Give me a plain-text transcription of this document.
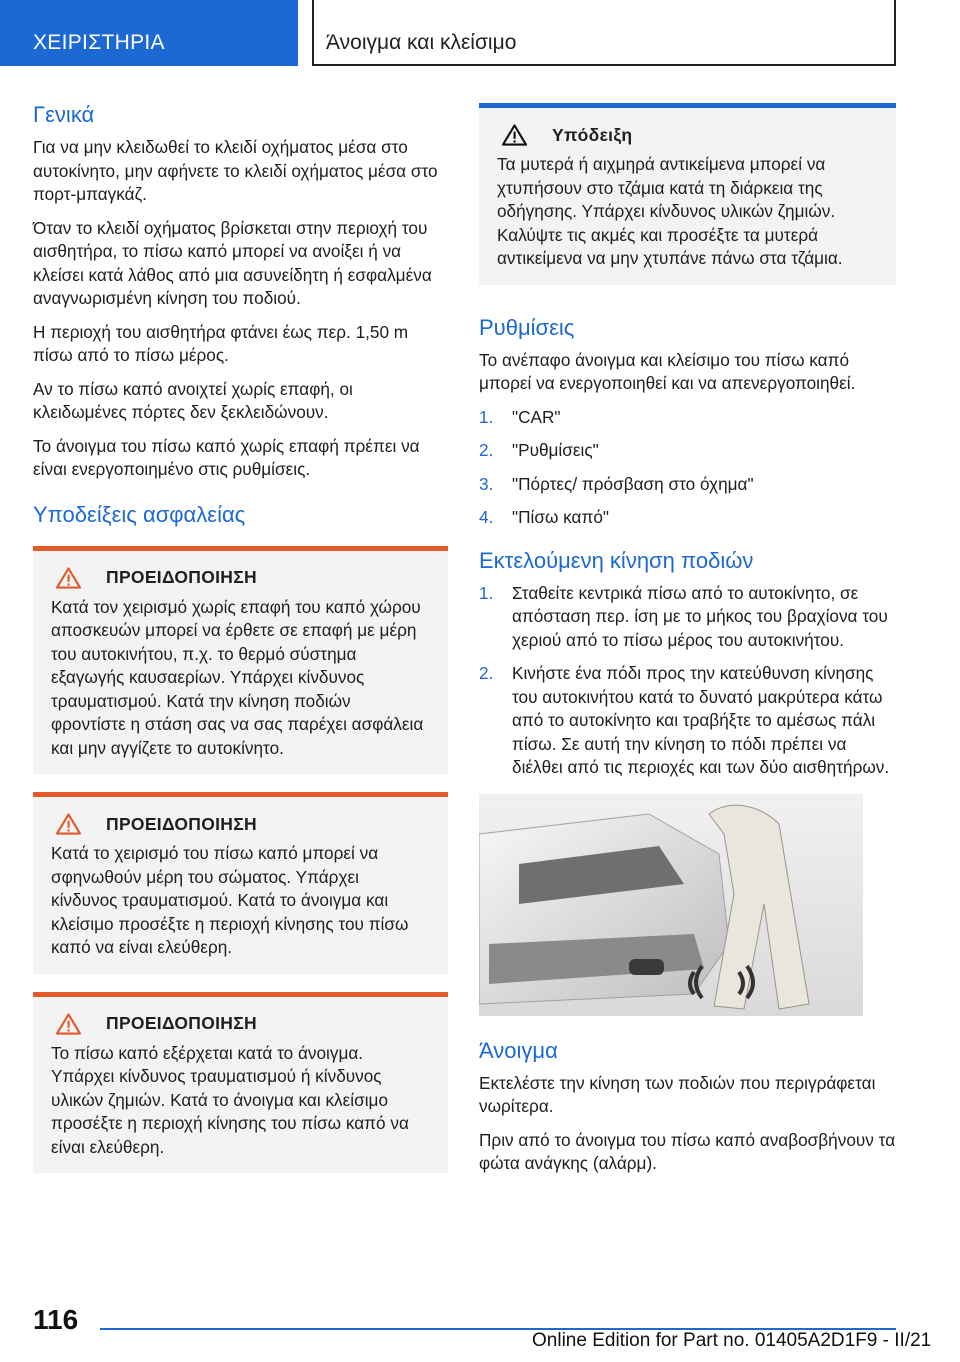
ΧΕΙΡΙΣΤΗΡΙΑ	Άνοιγμα και κλείσιμο
Γενικά

Για να μην κλειδωθεί το κλειδί οχήματος μέσα στο αυτοκίνητο, μην αφήνετε το κλειδί οχήματος μέσα στο πορτ-μπαγκάζ.

Όταν το κλειδί οχήματος βρίσκεται στην περιοχή του αισθητήρα, το πίσω καπό μπορεί να ανοίξει ή να κλείσει κατά λάθος από μια ασυνείδητη ή εσφαλμένα αναγνωρισμένη κίνηση του ποδιού.

Η περιοχή του αισθητήρα φτάνει έως περ. 1,50 m πίσω από το πίσω μέρος.

Αν το πίσω καπό ανοιχτεί χωρίς επαφή, οι κλειδωμένες πόρτες δεν ξεκλειδώνουν.

Το άνοιγμα του πίσω καπό χωρίς επαφή πρέπει να είναι ενεργοποιημένο στις ρυθμίσεις.

Υποδείξεις ασφαλείας
ΠΡΟΕΙΔΟΠΟΙΗΣΗ

Κατά τον χειρισμό χωρίς επαφή του καπό χώρου αποσκευών μπορεί να έρθετε σε επαφή με μέρη του αυτοκινήτου, π.χ. το θερμό σύστημα εξαγωγής καυσαερίων. Υπάρχει κίνδυνος τραυματισμού. Κατά την κίνηση ποδιών φροντίστε η στάση σας να σας παρέχει ασφάλεια και μην αγγίζετε το αυτοκίνητο.

ΠΡΟΕΙΔΟΠΟΙΗΣΗ

Κατά το χειρισμό του πίσω καπό μπορεί να σφηνωθούν μέρη του σώματος. Υπάρχει κίνδυνος τραυματισμού. Κατά το άνοιγμα και κλείσιμο προσέξτε η περιοχή κίνησης του πίσω καπό να είναι ελεύθερη.

ΠΡΟΕΙΔΟΠΟΙΗΣΗ

Το πίσω καπό εξέρχεται κατά το άνοιγμα. Υπάρχει κίνδυνος τραυματισμού ή κίνδυνος υλικών ζημιών. Κατά το άνοιγμα και κλείσιμο προσέξτε η περιοχή κίνησης του πίσω καπό να είναι ελεύθερη.

Υπόδειξη

Τα μυτερά ή αιχμηρά αντικείμενα μπορεί να χτυπήσουν στο τζάμια κατά τη διάρκεια της οδήγησης. Υπάρχει κίνδυνος υλικών ζημιών. Καλύψτε τις ακμές και προσέξτε τα μυτερά αντικείμενα να μην χτυπάνε πάνω στα τζάμια.

Ρυθμίσεις

Το ανέπαφο άνοιγμα και κλείσιμο του πίσω καπό μπορεί να ενεργοποιηθεί και να απενεργοποιηθεί.

1.	"CAR"
2.	"Ρυθμίσεις"
3.	"Πόρτες/ πρόσβαση στο όχημα"
4.	"Πίσω καπό"
Εκτελούμενη κίνηση ποδιών
1.	Σταθείτε κεντρικά πίσω από το αυτοκίνητο, σε απόσταση περ. ίση με το μήκος του βραχίονα του χεριού από το πίσω μέρος του αυτοκινήτου.
2.	Κινήστε ένα πόδι προς την κατεύθυνση κίνησης του αυτοκινήτου κατά το δυνατό μακρύτερα κάτω από το αυτοκίνητο και τραβήξτε το αμέσως πάλι πίσω. Σε αυτή την κίνηση το πόδι πρέπει να διέλθει από τις περιοχές και των δύο αισθητήρων.
Άνοιγμα

Εκτελέστε την κίνηση των ποδιών που περιγράφεται νωρίτερα.

Πριν από το άνοιγμα του πίσω καπό αναβοσβήνουν τα φώτα ανάγκης (αλάρμ).

116
Online Edition for Part no. 01405A2D1F9 - II/21
